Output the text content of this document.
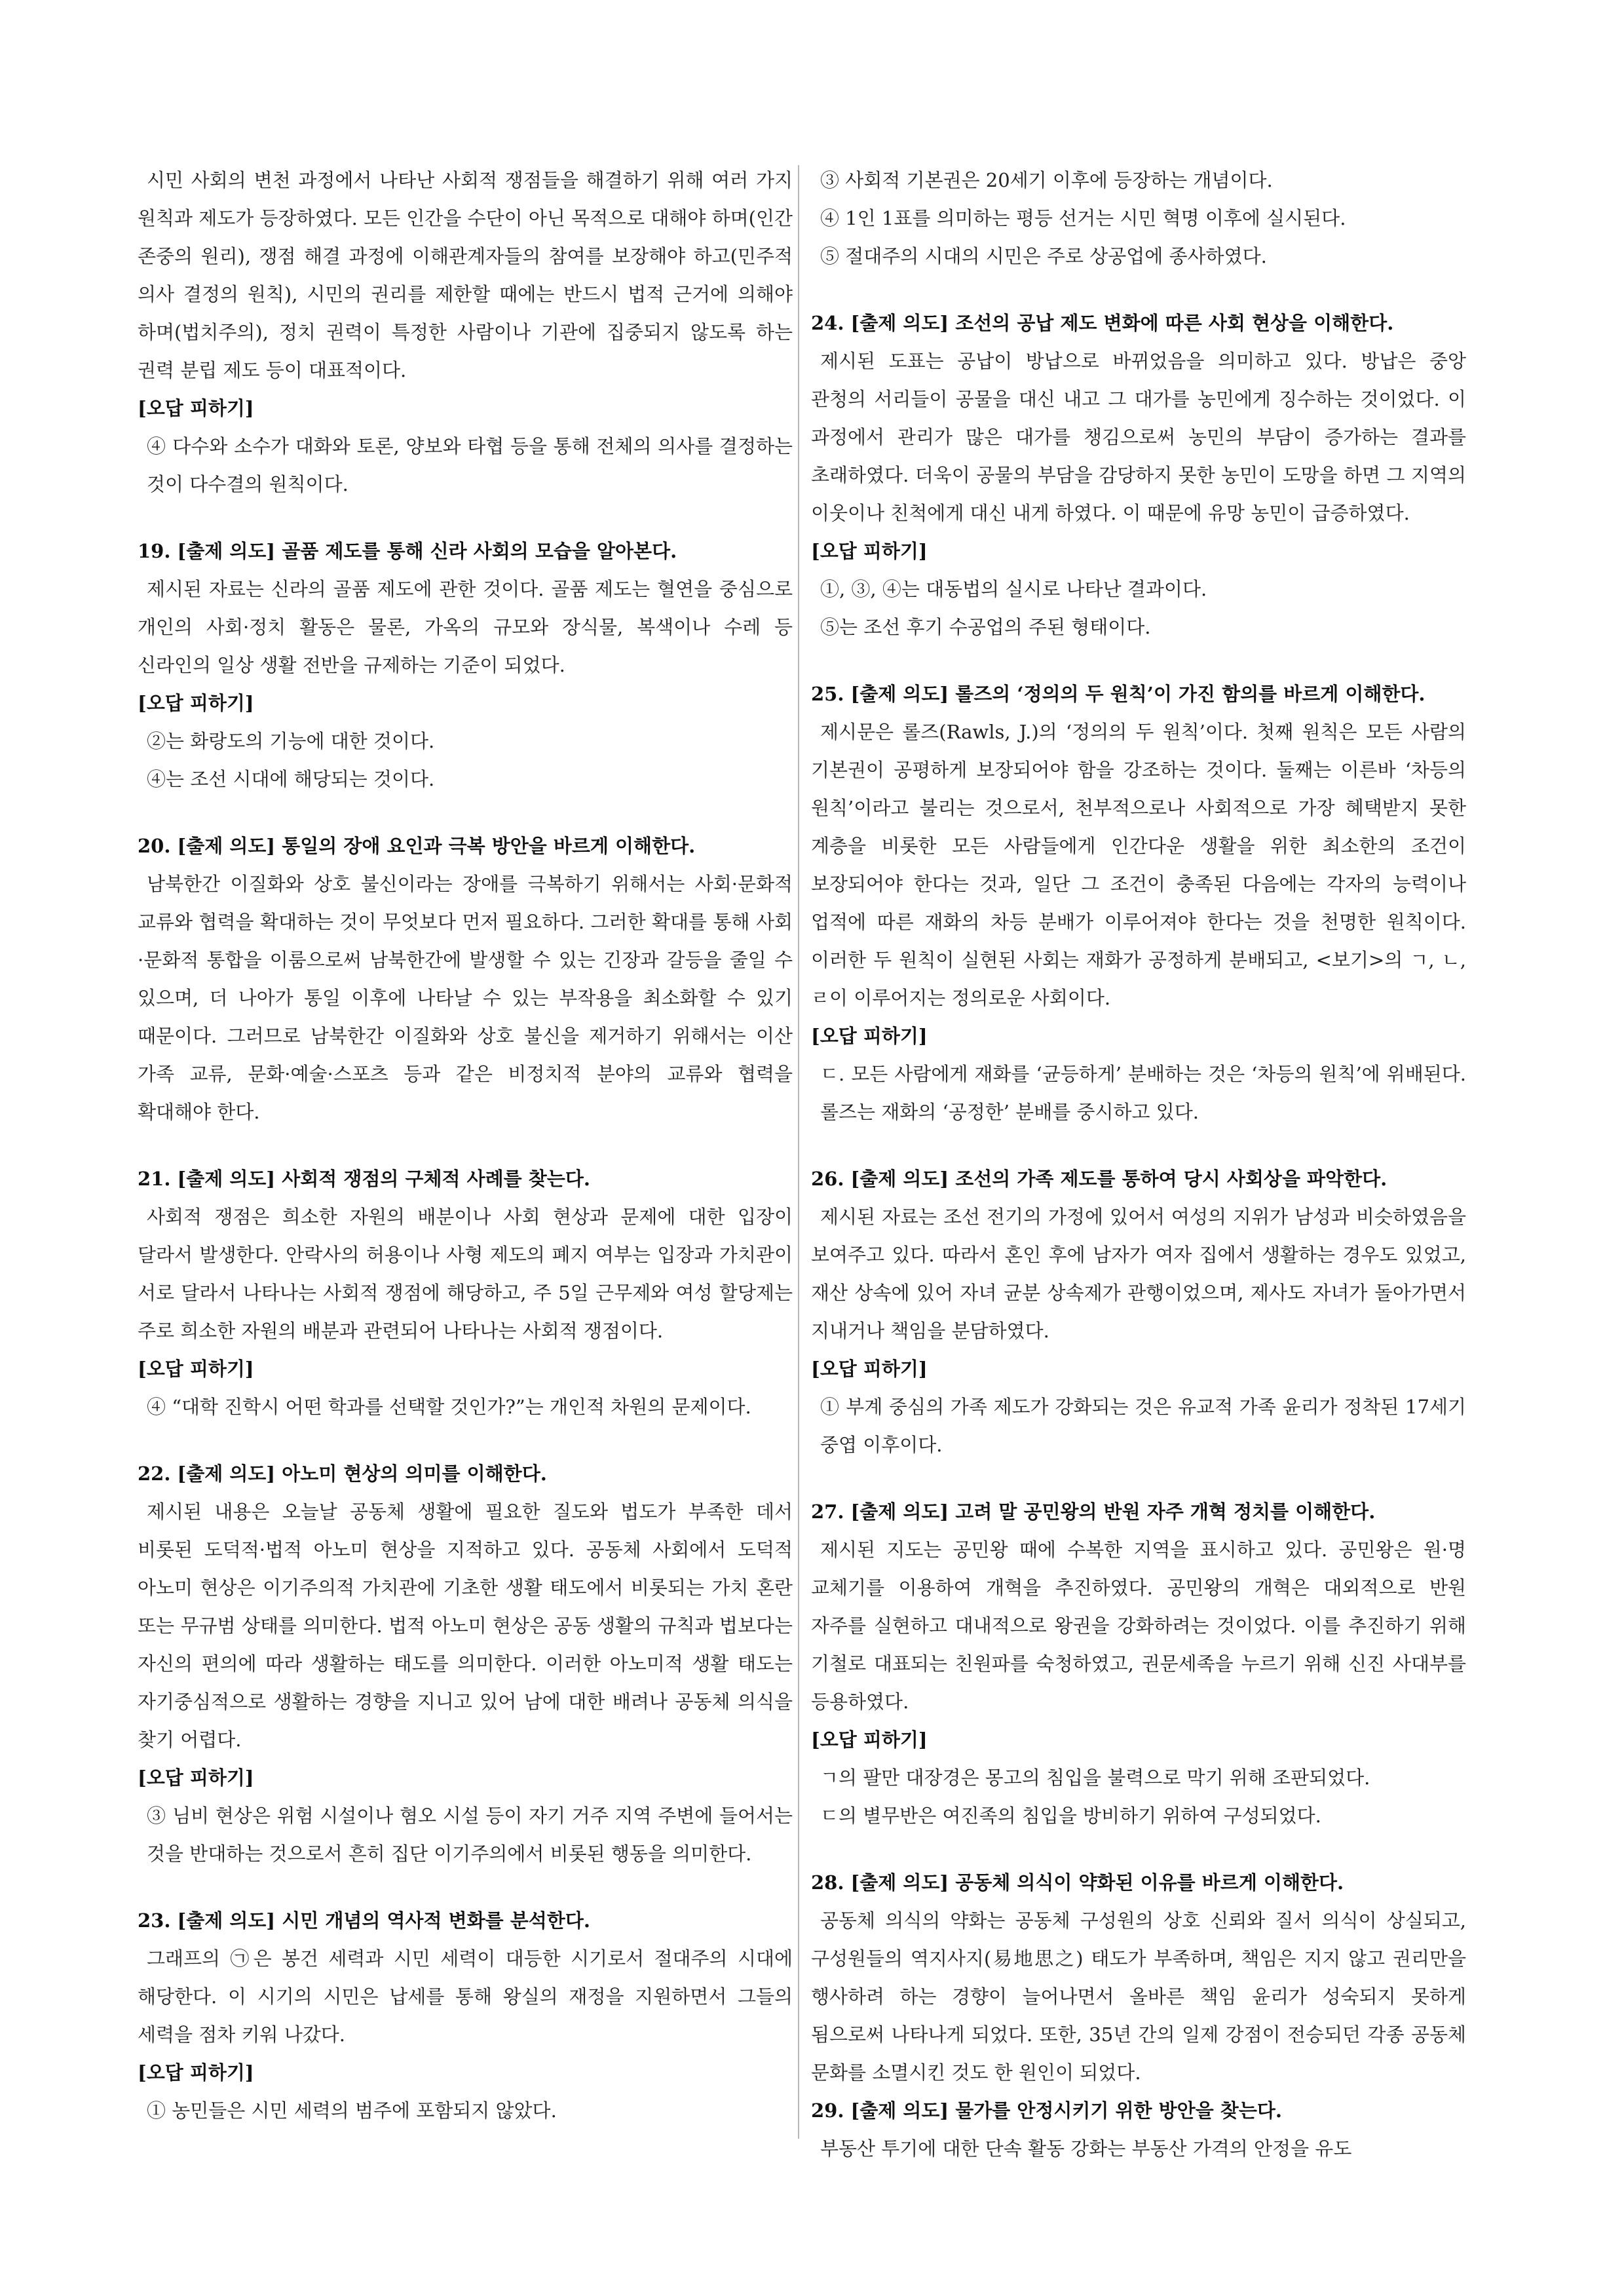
시민 사회의 변천 과정에서 나타난 사회적 쟁점들을 해결하기 위해 여러 가지 원칙과 제도가 등장하였다. 모든 인간을 수단이 아닌 목적으로 대해야 하며(인간 존중의 원리), 쟁점 해결 과정에 이해관계자들의 참여를 보장해야 하고(민주적 의사 결정의 원칙), 시민의 권리를 제한할 때에는 반드시 법적 근거에 의해야 하며(법치주의), 정치 권력이 특정한 사람이나 기관에 집중되지 않도록 하는 권력 분립 제도 등이 대표적이다.

[오답 피하기]

④ 다수와 소수가 대화와 토론, 양보와 타협 등을 통해 전체의 의사를 결정하는 것이 다수결의 원칙이다.

19. [출제 의도] 골품 제도를 통해 신라 사회의 모습을 알아본다.

제시된 자료는 신라의 골품 제도에 관한 것이다. 골품 제도는 혈연을 중심으로 개인의 사회·정치 활동은 물론, 가옥의 규모와 장식물, 복색이나 수레 등 신라인의 일상 생활 전반을 규제하는 기준이 되었다.

[오답 피하기]

②는 화랑도의 기능에 대한 것이다.

④는 조선 시대에 해당되는 것이다.

20. [출제 의도] 통일의 장애 요인과 극복 방안을 바르게 이해한다.

남북한간 이질화와 상호 불신이라는 장애를 극복하기 위해서는 사회·문화적 교류와 협력을 확대하는 것이 무엇보다 먼저 필요하다. 그러한 확대를 통해 사회·문화적 통합을 이룸으로써 남북한간에 발생할 수 있는 긴장과 갈등을 줄일 수 있으며, 더 나아가 통일 이후에 나타날 수 있는 부작용을 최소화할 수 있기 때문이다. 그러므로 남북한간 이질화와 상호 불신을 제거하기 위해서는 이산 가족 교류, 문화·예술·스포츠 등과 같은 비정치적 분야의 교류와 협력을 확대해야 한다.

21. [출제 의도] 사회적 쟁점의 구체적 사례를 찾는다.

사회적 쟁점은 희소한 자원의 배분이나 사회 현상과 문제에 대한 입장이 달라서 발생한다. 안락사의 허용이나 사형 제도의 폐지 여부는 입장과 가치관이 서로 달라서 나타나는 사회적 쟁점에 해당하고, 주 5일 근무제와 여성 할당제는 주로 희소한 자원의 배분과 관련되어 나타나는 사회적 쟁점이다.

[오답 피하기]

④ “대학 진학시 어떤 학과를 선택할 것인가?”는 개인적 차원의 문제이다.

22. [출제 의도] 아노미 현상의 의미를 이해한다.

제시된 내용은 오늘날 공동체 생활에 필요한 질도와 법도가 부족한 데서 비롯된 도덕적·법적 아노미 현상을 지적하고 있다. 공동체 사회에서 도덕적 아노미 현상은 이기주의적 가치관에 기초한 생활 태도에서 비롯되는 가치 혼란 또는 무규범 상태를 의미한다. 법적 아노미 현상은 공동 생활의 규칙과 법보다는 자신의 편의에 따라 생활하는 태도를 의미한다. 이러한 아노미적 생활 태도는 자기중심적으로 생활하는 경향을 지니고 있어 남에 대한 배려나 공동체 의식을 찾기 어렵다.

[오답 피하기]

③ 님비 현상은 위험 시설이나 혐오 시설 등이 자기 거주 지역 주변에 들어서는 것을 반대하는 것으로서 흔히 집단 이기주의에서 비롯된 행동을 의미한다.

23. [출제 의도] 시민 개념의 역사적 변화를 분석한다.

그래프의 ㉠은 봉건 세력과 시민 세력이 대등한 시기로서 절대주의 시대에 해당한다. 이 시기의 시민은 납세를 통해 왕실의 재정을 지원하면서 그들의 세력을 점차 키워 나갔다.

[오답 피하기]

① 농민들은 시민 세력의 범주에 포함되지 않았다.

③ 사회적 기본권은 20세기 이후에 등장하는 개념이다.

④ 1인 1표를 의미하는 평등 선거는 시민 혁명 이후에 실시된다.

⑤ 절대주의 시대의 시민은 주로 상공업에 종사하였다.

24. [출제 의도] 조선의 공납 제도 변화에 따른 사회 현상을 이해한다.

제시된 도표는 공납이 방납으로 바뀌었음을 의미하고 있다. 방납은 중앙 관청의 서리들이 공물을 대신 내고 그 대가를 농민에게 징수하는 것이었다. 이 과정에서 관리가 많은 대가를 챙김으로써 농민의 부담이 증가하는 결과를 초래하였다. 더욱이 공물의 부담을 감당하지 못한 농민이 도망을 하면 그 지역의 이웃이나 친척에게 대신 내게 하였다. 이 때문에 유망 농민이 급증하였다.

[오답 피하기]

①, ③, ④는 대동법의 실시로 나타난 결과이다.

⑤는 조선 후기 수공업의 주된 형태이다.

25. [출제 의도] 롤즈의 ‘정의의 두 원칙’이 가진 함의를 바르게 이해한다.

제시문은 롤즈(Rawls, J.)의 ‘정의의 두 원칙’이다. 첫째 원칙은 모든 사람의 기본권이 공평하게 보장되어야 함을 강조하는 것이다. 둘째는 이른바 ‘차등의 원칙’이라고 불리는 것으로서, 천부적으로나 사회적으로 가장 혜택받지 못한 계층을 비롯한 모든 사람들에게 인간다운 생활을 위한 최소한의 조건이 보장되어야 한다는 것과, 일단 그 조건이 충족된 다음에는 각자의 능력이나 업적에 따른 재화의 차등 분배가 이루어져야 한다는 것을 천명한 원칙이다. 이러한 두 원칙이 실현된 사회는 재화가 공정하게 분배되고, <보기>의 ㄱ, ㄴ, ㄹ이 이루어지는 정의로운 사회이다.

[오답 피하기]

ㄷ. 모든 사람에게 재화를 ‘균등하게’ 분배하는 것은 ‘차등의 원칙’에 위배된다. 롤즈는 재화의 ‘공정한’ 분배를 중시하고 있다.

26. [출제 의도] 조선의 가족 제도를 통하여 당시 사회상을 파악한다.

제시된 자료는 조선 전기의 가정에 있어서 여성의 지위가 남성과 비슷하였음을 보여주고 있다. 따라서 혼인 후에 남자가 여자 집에서 생활하는 경우도 있었고, 재산 상속에 있어 자녀 균분 상속제가 관행이었으며, 제사도 자녀가 돌아가면서 지내거나 책임을 분담하였다.

[오답 피하기]

① 부계 중심의 가족 제도가 강화되는 것은 유교적 가족 윤리가 정착된 17세기 중엽 이후이다.

27. [출제 의도] 고려 말 공민왕의 반원 자주 개혁 정치를 이해한다.

제시된 지도는 공민왕 때에 수복한 지역을 표시하고 있다. 공민왕은 원·명 교체기를 이용하여 개혁을 추진하였다. 공민왕의 개혁은 대외적으로 반원 자주를 실현하고 대내적으로 왕권을 강화하려는 것이었다. 이를 추진하기 위해 기철로 대표되는 친원파를 숙청하였고, 권문세족을 누르기 위해 신진 사대부를 등용하였다.

[오답 피하기]

ㄱ의 팔만 대장경은 몽고의 침입을 불력으로 막기 위해 조판되었다.

ㄷ의 별무반은 여진족의 침입을 방비하기 위하여 구성되었다.

28. [출제 의도] 공동체 의식이 약화된 이유를 바르게 이해한다.

공동체 의식의 약화는 공동체 구성원의 상호 신뢰와 질서 의식이 상실되고, 구성원들의 역지사지(易地思之) 태도가 부족하며, 책임은 지지 않고 권리만을 행사하려 하는 경향이 늘어나면서 올바른 책임 윤리가 성숙되지 못하게 됨으로써 나타나게 되었다. 또한, 35년 간의 일제 강점이 전승되던 각종 공동체 문화를 소멸시킨 것도 한 원인이 되었다.

29. [출제 의도] 물가를 안정시키기 위한 방안을 찾는다.

부동산 투기에 대한 단속 활동 강화는 부동산 가격의 안정을 유도
